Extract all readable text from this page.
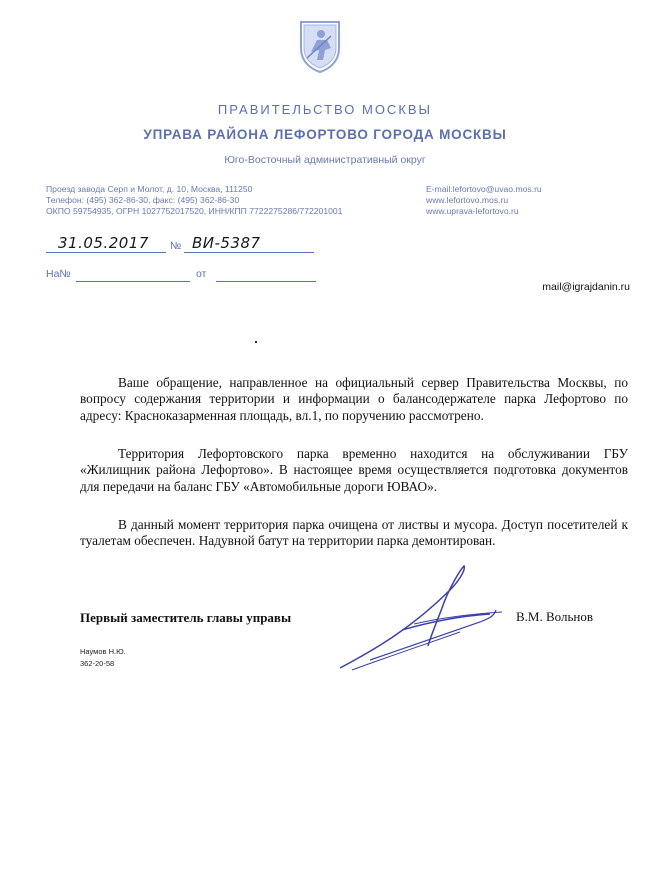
ПРАВИТЕЛЬСТВО МОСКВЫ
УПРАВА РАЙОНА ЛЕФОРТОВО ГОРОДА МОСКВЫ
Юго-Восточный административный округ
Проезд завода Серп и Молот, д. 10, Москва, 111250
Телефон: (495) 362-86-30, факс: (495) 362-86-30
ОКПО 59754935, ОГРН 1027752017520, ИНН/КПП 7722275286/772201001
E-mail:lefortovo@uvao.mos.ru
www.lefortovo.mos.ru
www.uprava-lefortovo.ru
31.05.2017 № ВИ-5387
На№	от
mail@igrajdanin.ru
Ваше обращение, направленное на официальный сервер Правительства Москвы, по вопросу содержания территории и информации о балансодержателе парка Лефортово по адресу: Красноказарменная площадь, вл.1, по поручению рассмотрено.
Территория Лефортовского парка временно находится на обслуживании ГБУ «Жилищник района Лефортово». В настоящее время осуществляется подготовка документов для передачи на баланс ГБУ «Автомобильные дороги ЮВАО».
В данный момент территория парка очищена от листвы и мусора. Доступ посетителей к туалетам обеспечен. Надувной батут на территории парка демонтирован.
Первый заместитель главы управы	В.М. Вольнов
Наумов Н.Ю.
362-20-58
